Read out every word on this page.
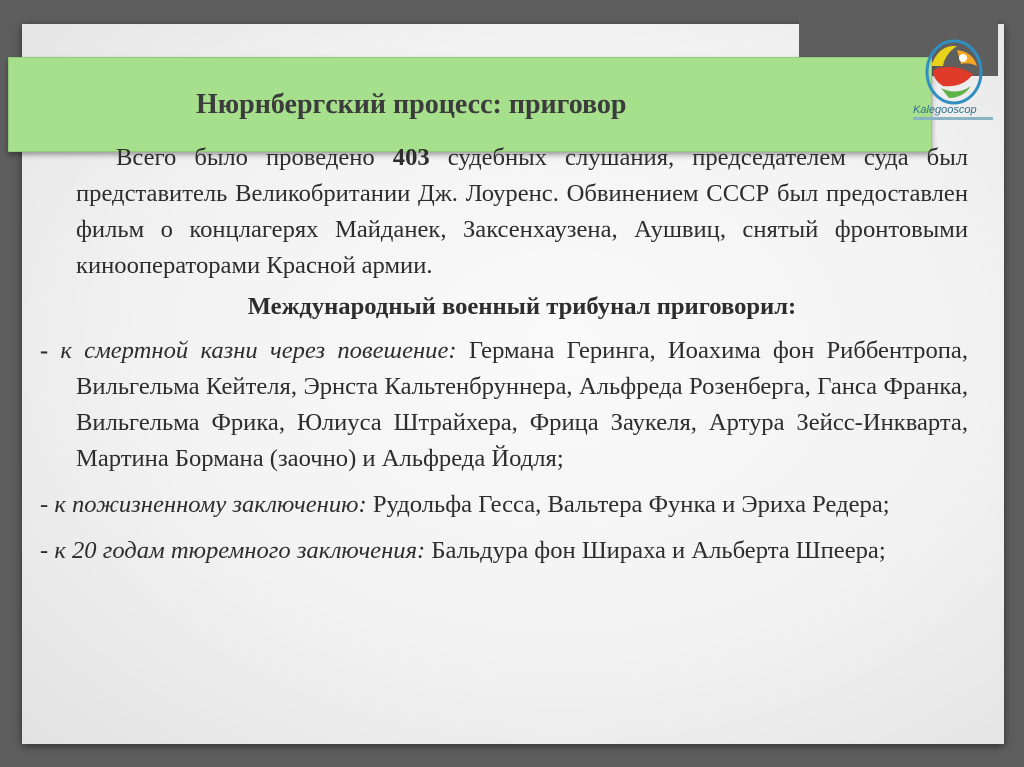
Нюрнбергский процесс: приговор	Kalegooscop

Всего было проведено 403 судебных слушания, председателем суда был представитель Великобритании Дж. Лоуренс. Обвинением СССР был предоставлен фильм о концлагерях Майданек, Заксенхаузена, Аушвиц, снятый фронтовыми кинооператорами Красной армии.

Международный военный трибунал приговорил:

- к смертной казни через повешение: Германа Геринга, Иоахима фон Риббентропа, Вильгельма Кейтеля, Эрнста Кальтенбруннера, Альфреда Розенберга, Ганса Франка, Вильгельма Фрика, Юлиуса Штрайхера, Фрица Заукеля, Артура Зейсс-Инкварта, Мартина Бормана (заочно) и Альфреда Йодля;

- к пожизненному заключению: Рудольфа Гесса, Вальтера Функа и Эриха Редера;

- к 20 годам тюремного заключения: Бальдура фон Шираха и Альберта Шпеера;
